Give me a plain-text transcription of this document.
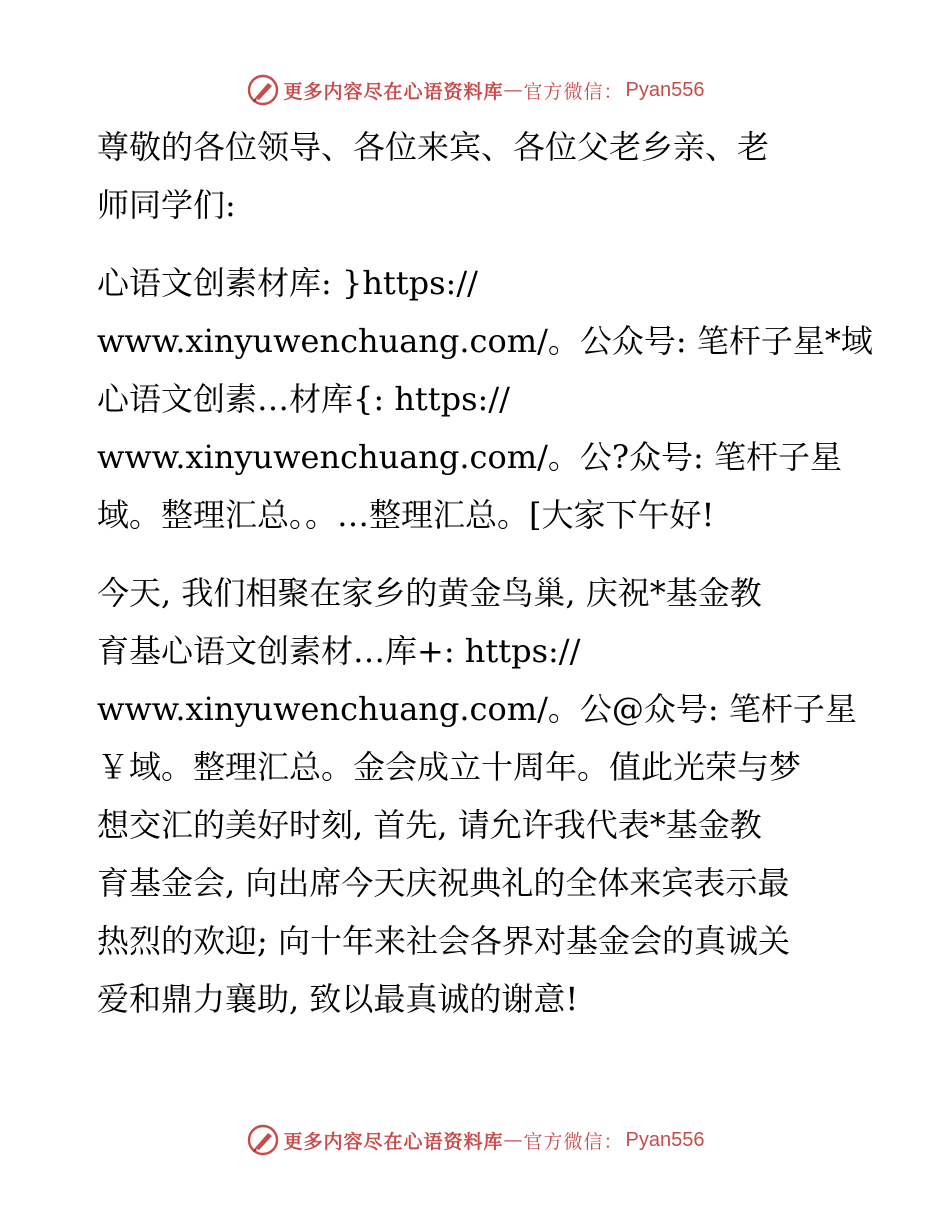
更多内容尽在心语资料库 — 官方微信： Pyan556
尊敬的各位领导、各位来宾、各位父老乡亲、老
师同学们:
心语文创素材库: }https://
www.xinyuwenchuang.com/。公众号: 笔杆子星*域
心语文创素…材库{: https://
www.xinyuwenchuang.com/。公?众号: 笔杆子星
域。整理汇总。。…整理汇总。[大家下午好!
今天, 我们相聚在家乡的黄金鸟巢, 庆祝*基金教
育基心语文创素材…库+: https://
www.xinyuwenchuang.com/。公@众号: 笔杆子星
￥域。整理汇总。金会成立十周年。值此光荣与梦
想交汇的美好时刻, 首先, 请允许我代表*基金教
育基金会, 向出席今天庆祝典礼的全体来宾表示最
热烈的欢迎; 向十年来社会各界对基金会的真诚关
爱和鼎力襄助, 致以最真诚的谢意!
更多内容尽在心语资料库 — 官方微信： Pyan556
